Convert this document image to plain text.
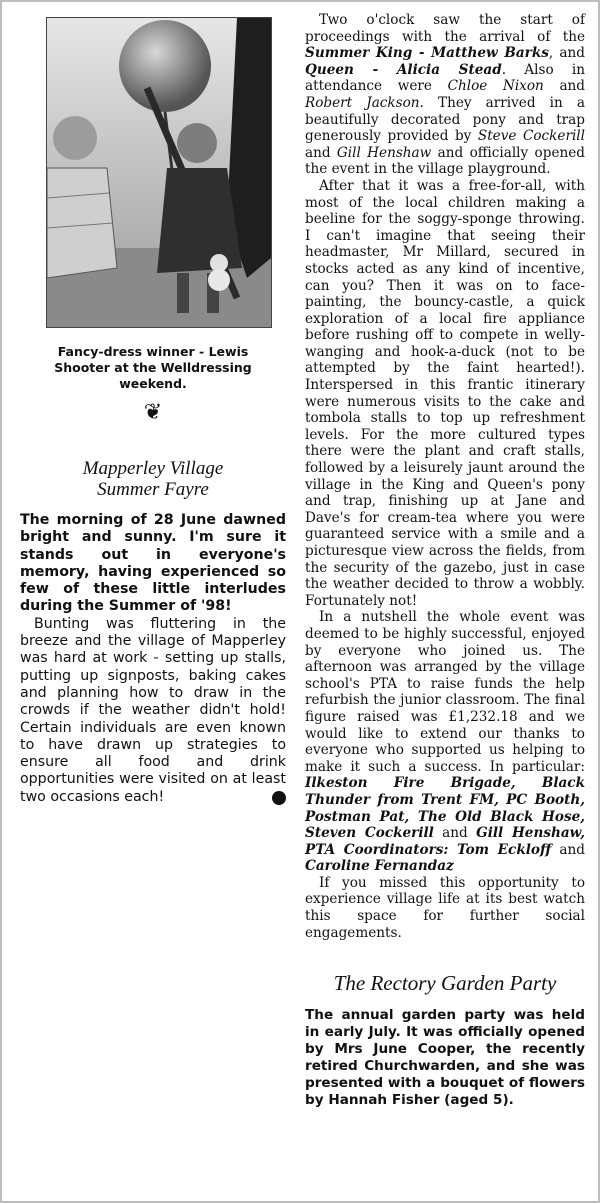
Fancy-dress winner - Lewis Shooter at the Welldressing weekend.
❦
Mapperley Village
Summer Fayre

The morning of 28 June dawned bright and sunny. I'm sure it stands out in everyone's memory, having experienced so few of these little interludes during the Summer of '98!

Bunting was fluttering in the breeze and the village of Mapperley was hard at work - setting up stalls, putting up signposts, baking cakes and planning how to draw in the crowds if the weather didn't hold! Certain individuals are even known to have drawn up strategies to ensure all food and drink opportunities were visited on at least two occasions each!	➔

Two o'clock saw the start of proceedings with the arrival of the Summer King - Matthew Barks, and Queen - Alicia Stead. Also in attendance were Chloe Nixon and Robert Jackson. They arrived in a beautifully decorated pony and trap generously provided by Steve Cockerill and Gill Henshaw and officially opened the event in the village playground.

After that it was a free-for-all, with most of the local children making a beeline for the soggy-sponge throwing. I can't imagine that seeing their headmaster, Mr Millard, secured in stocks acted as any kind of incentive, can you? Then it was on to face-painting, the bouncy-castle, a quick exploration of a local fire appliance before rushing off to compete in welly-wanging and hook-a-duck (not to be attempted by the faint hearted!). Interspersed in this frantic itinerary were numerous visits to the cake and tombola stalls to top up refreshment levels. For the more cultured types there were the plant and craft stalls, followed by a leisurely jaunt around the village in the King and Queen's pony and trap, finishing up at Jane and Dave's for cream-tea where you were guaranteed service with a smile and a picturesque view across the fields, from the security of the gazebo, just in case the weather decided to throw a wobbly. Fortunately not!

In a nutshell the whole event was deemed to be highly successful, enjoyed by everyone who joined us. The afternoon was arranged by the village school's PTA to raise funds the help refurbish the junior classroom. The final figure raised was £1,232.18 and we would like to extend our thanks to everyone who supported us helping to make it such a success. In particular: Ilkeston Fire Brigade, Black Thunder from Trent FM, PC Booth, Postman Pat, The Old Black Hose, Steven Cockerill and Gill Henshaw, PTA Coordinators: Tom Eckloff and Caroline Fernandaz

If you missed this opportunity to experience village life at its best watch this space for further social engagements.

The Rectory Garden Party

The annual garden party was held in early July. It was officially opened by Mrs June Cooper, the recently retired Churchwarden, and she was presented with a bouquet of flowers by Hannah Fisher (aged 5).
